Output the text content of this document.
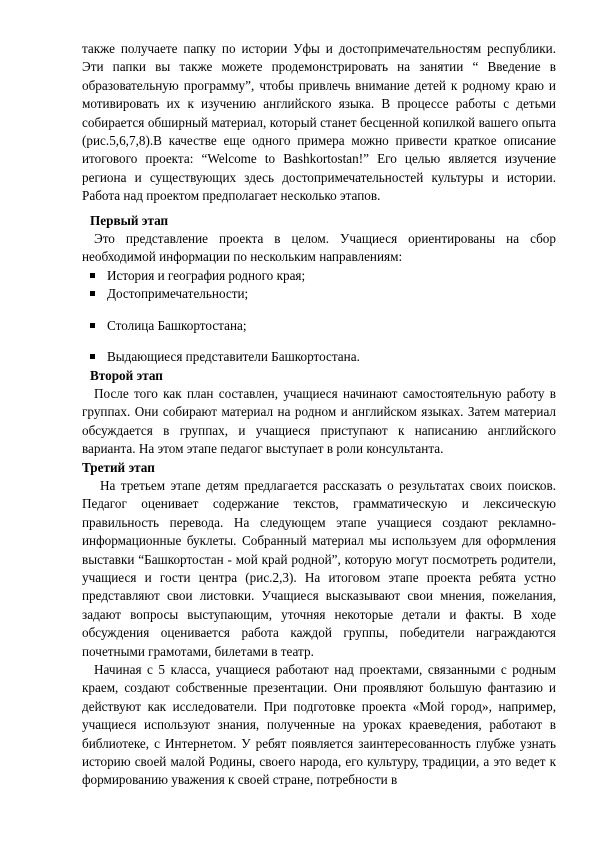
также получаете папку по истории Уфы и достопримечательностям республики. Эти папки вы также можете продемонстрировать на занятии “ Введение в образовательную программу”, чтобы привлечь внимание детей к родному краю и мотивировать их к изучению английского языка. В процессе работы с детьми собирается обширный материал, который станет бесценной копилкой вашего опыта (рис.5,6,7,8).В качестве еще одного примера можно привести краткое описание итогового проекта: “Welcome to Bashkortostan!” Его целью является изучение региона и существующих здесь достопримечательностей культуры и истории. Работа над проектом предполагает несколько этапов.

Первый этап

Это представление проекта в целом. Учащиеся ориентированы на сбор необходимой информации по нескольким направлениям:

История и география родного края;
Достопримечательности;
Столица Башкортостана;
Выдающиеся представители Башкортостана.

Второй этап

После того как план составлен, учащиеся начинают самостоятельную работу в группах. Они собирают материал на родном и английском языках. Затем материал обсуждается в группах, и учащиеся приступают к написанию английского варианта. На этом этапе педагог выступает в роли консультанта.

Третий этап

На третьем этапе детям предлагается рассказать о результатах своих поисков. Педагог оценивает содержание текстов, грамматическую и лексическую правильность перевода. На следующем этапе учащиеся создают рекламно-информационные буклеты. Собранный материал мы используем для оформления выставки “Башкортостан - мой край родной”, которую могут посмотреть родители, учащиеся и гости центра (рис.2,3). На итоговом этапе проекта ребята устно представляют свои листовки. Учащиеся высказывают свои мнения, пожелания, задают вопросы выступающим, уточняя некоторые детали и факты. В ходе обсуждения оценивается работа каждой группы, победители награждаются почетными грамотами, билетами в театр.

Начиная с 5 класса, учащиеся работают над проектами, связанными с родным краем, создают собственные презентации. Они проявляют большую фантазию и действуют как исследователи. При подготовке проекта «Мой город», например, учащиеся используют знания, полученные на уроках краеведения, работают в библиотеке, с Интернетом. У ребят появляется заинтересованность глубже узнать историю своей малой Родины, своего народа, его культуру, традиции, а это ведет к формированию уважения к своей стране, потребности в
